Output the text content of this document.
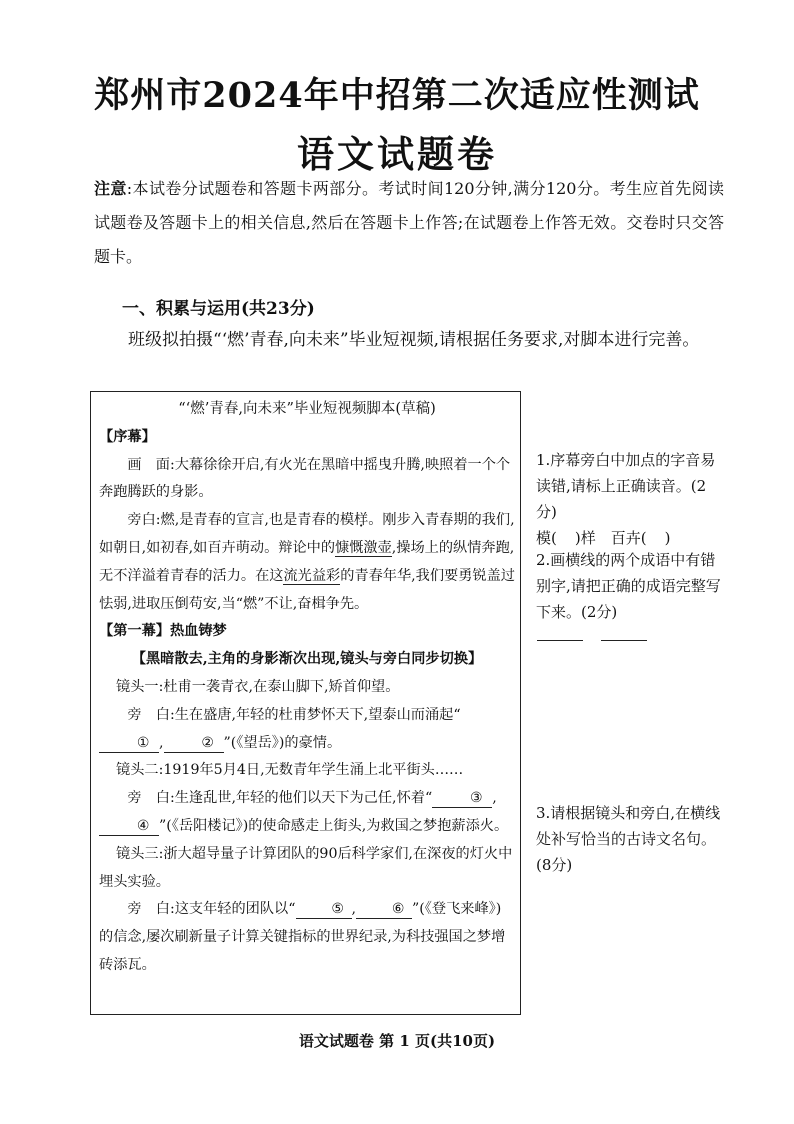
郑州市2024年中招第二次适应性测试
语文试题卷
注意:本试卷分试题卷和答题卡两部分。考试时间120分钟,满分120分。考生应首先阅读试题卷及答题卡上的相关信息,然后在答题卡上作答;在试题卷上作答无效。交卷时只交答题卡。
一、积累与运用(共23分)
班级拟拍摄“‘燃’青春,向未来”毕业短视频,请根据任务要求,对脚本进行完善。
“‘燃’青春,向未来”毕业短视频脚本(草稿)
【序幕】
画　面:大幕徐徐开启,有火光在黑暗中摇曳升腾,映照着一个个奔跑腾跃的身影。
旁白:燃,是青春的宣言,也是青春的模样。刚步入青春期的我们,如朝日,如初春,如百卉萌动。辩论中的慷慨激壶,操场上的纵情奔跑,无不洋溢着青春的活力。在这流光益彩的青春年华,我们要勇锐盖过怯弱,进取压倒苟安,当“燃”不让,奋楫争先。
【第一幕】热血铸梦
【黑暗散去,主角的身影渐次出现,镜头与旁白同步切换】
镜头一:杜甫一袭青衣,在泰山脚下,矫首仰望。
旁　白:生在盛唐,年轻的杜甫梦怀天下,望泰山而涌起“① ,	② ”(《望岳》)的豪情。
镜头二:1919年5月4日,无数青年学生涌上北平街头……
旁　白:生逢乱世,年轻的他们以天下为己任,怀着“	③ ,④ ”(《岳阳楼记》)的使命感走上街头,为救国之梦抱薪添火。
镜头三:浙大超导量子计算团队的90后科学家们,在深夜的灯火中埋头实验。
旁　白:这支年轻的团队以“	⑤ ,	⑥ ”(《登飞来峰》)的信念,屡次刷新量子计算关键指标的世界纪录,为科技强国之梦增砖添瓦。
1.序幕旁白中加点的字音易读错,请标上正确读音。(2分)
模( )样　百卉( )
2.画横线的两个成语中有错别字,请把正确的成语完整写下来。(2分)
3.请根据镜头和旁白,在横线处补写恰当的古诗文名句。(8分)
语文试题卷 第 1 页(共10页)
